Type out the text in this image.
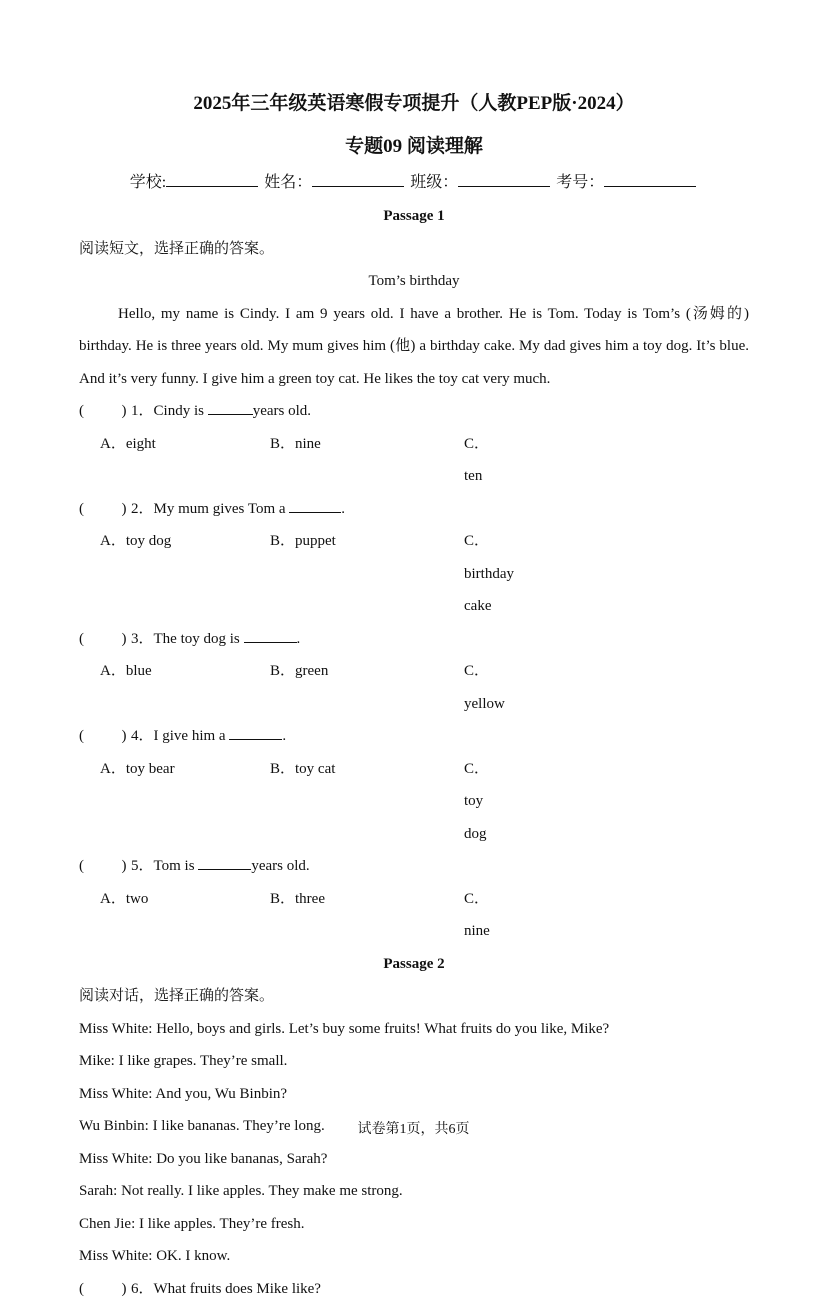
2025年三年级英语寒假专项提升（人教PEP版·2024）
专题09 阅读理解
学校:	姓名：	班级：	考号：
Passage 1
阅读短文，选择正确的答案。
Tom’s birthday
Hello, my name is Cindy. I am 9 years old. I have a brother. He is Tom. Today is Tom’s (汤姆的) birthday. He is three years old. My mum gives him (他) a birthday cake. My dad gives him a toy dog. It’s blue. And it’s very funny. I give him a green toy cat. He likes the toy cat very much.
(          ) 1．Cindy is	years old.
A．eight	B．nine	C．ten
(          ) 2．My mum gives Tom a	.
A．toy dog	B．puppet	C．birthday cake
(          ) 3．The toy dog is	.
A．blue	B．green	C．yellow
(          ) 4．I give him a	.
A．toy bear	B．toy cat	C．toy dog
(          ) 5．Tom is	years old.
A．two	B．three	C．nine
Passage 2
阅读对话，选择正确的答案。
Miss White: Hello, boys and girls. Let’s buy some fruits! What fruits do you like, Mike?
Mike: I like grapes. They’re small.
Miss White: And you, Wu Binbin?
Wu Binbin: I like bananas. They’re long.
Miss White: Do you like bananas, Sarah?
Sarah: Not really. I like apples. They make me strong.
Chen Jie: I like apples. They’re fresh.
Miss White: OK. I know.
(          ) 6．What fruits does Mike like?
试卷第1页，共6页
